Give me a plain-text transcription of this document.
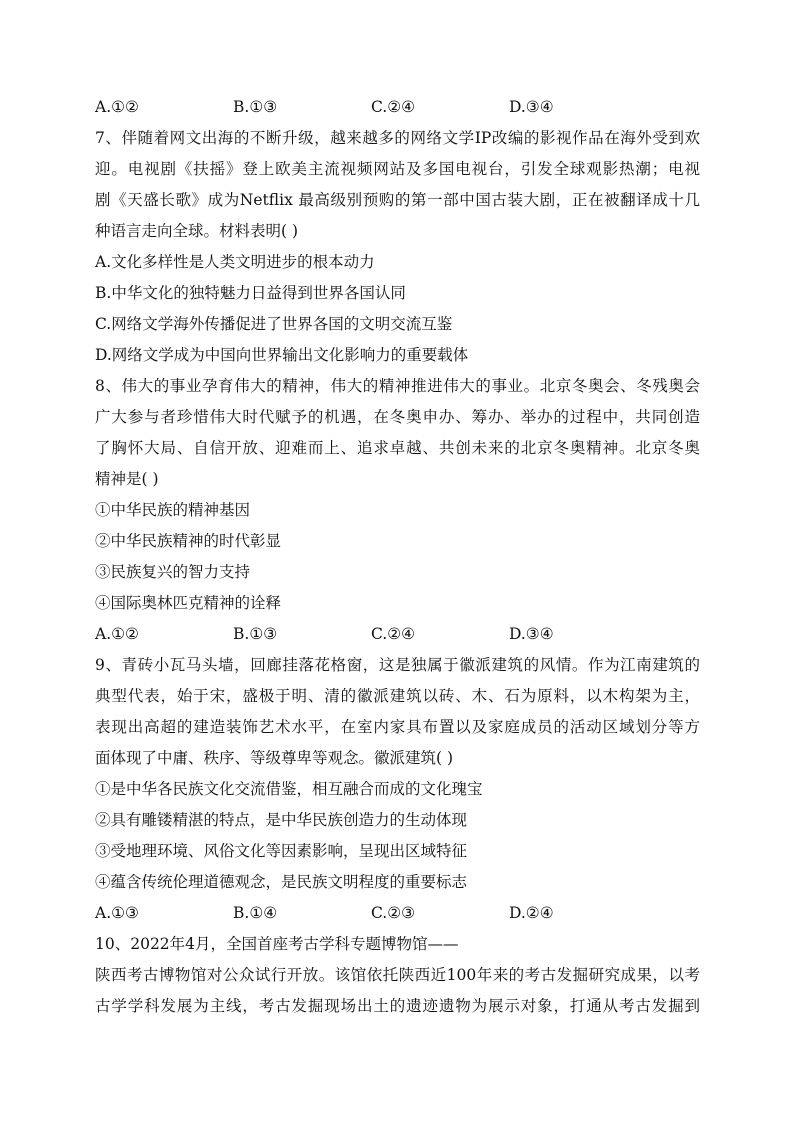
A.①②	B.①③	C.②④	D.③④
7、伴随着网文出海的不断升级，越来越多的网络文学IP改编的影视作品在海外受到欢
迎。电视剧《扶摇》登上欧美主流视频网站及多国电视台，引发全球观影热潮；电视
剧《天盛长歌》成为Netflix 最高级别预购的第一部中国古装大剧，正在被翻译成十几
种语言走向全球。材料表明( )
A.文化多样性是人类文明进步的根本动力
B.中华文化的独特魅力日益得到世界各国认同
C.网络文学海外传播促进了世界各国的文明交流互鉴
D.网络文学成为中国向世界输出文化影响力的重要载体
8、伟大的事业孕育伟大的精神，伟大的精神推进伟大的事业。北京冬奥会、冬残奥会
广大参与者珍惜伟大时代赋予的机遇，在冬奥申办、筹办、举办的过程中，共同创造
了胸怀大局、自信开放、迎难而上、追求卓越、共创未来的北京冬奥精神。北京冬奥
精神是( )
①中华民族的精神基因
②中华民族精神的时代彰显
③民族复兴的智力支持
④国际奥林匹克精神的诠释
A.①②	B.①③	C.②④	D.③④
9、青砖小瓦马头墙，回廊挂落花格窗，这是独属于徽派建筑的风情。作为江南建筑的
典型代表，始于宋，盛极于明、清的徽派建筑以砖、木、石为原料，以木构架为主，
表现出高超的建造装饰艺术水平，在室内家具布置以及家庭成员的活动区域划分等方
面体现了中庸、秩序、等级尊卑等观念。徽派建筑( )
①是中华各民族文化交流借鉴，相互融合而成的文化瑰宝
②具有雕镂精湛的特点，是中华民族创造力的生动体现
③受地理环境、风俗文化等因素影响，呈现出区域特征
④蕴含传统伦理道德观念，是民族文明程度的重要标志
A.①③	B.①④	C.②③	D.②④
10、2022年4月，全国首座考古学科专题博物馆——
陕西考古博物馆对公众试行开放。该馆依托陕西近100年来的考古发掘研究成果，以考
古学学科发展为主线，考古发掘现场出土的遗迹遗物为展示对象，打通从考古发掘到
